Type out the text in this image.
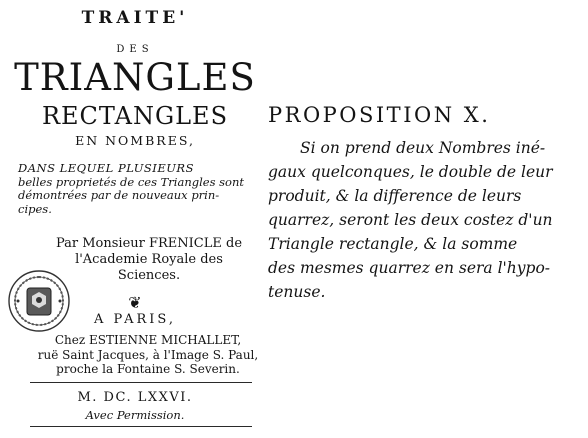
TRAITE'
DES
TRIANGLES
RECTANGLES
EN NOMBRES,
DANS LEQUEL PLUSIEURS
belles proprietés de ces Triangles sont
démontrées par de nouveaux prin-
cipes.
Par Monsieur FRENICLE de
l'Academie Royale des
Sciences.
❦
A PARIS,
Chez ESTIENNE MICHALLET,
ruë Saint Jacques, à l'Image S. Paul,
proche la Fontaine S. Severin.
M. DC. LXXVI.
Avec Permission.
PROPOSITION X.
Si on prend deux Nombres iné-
gaux quelconques, le double de leur
produit, & la difference de leurs
quarrez, seront les deux costez d'un
Triangle rectangle, & la somme
des mesmes quarrez en sera l'hypo-
tenuse.
